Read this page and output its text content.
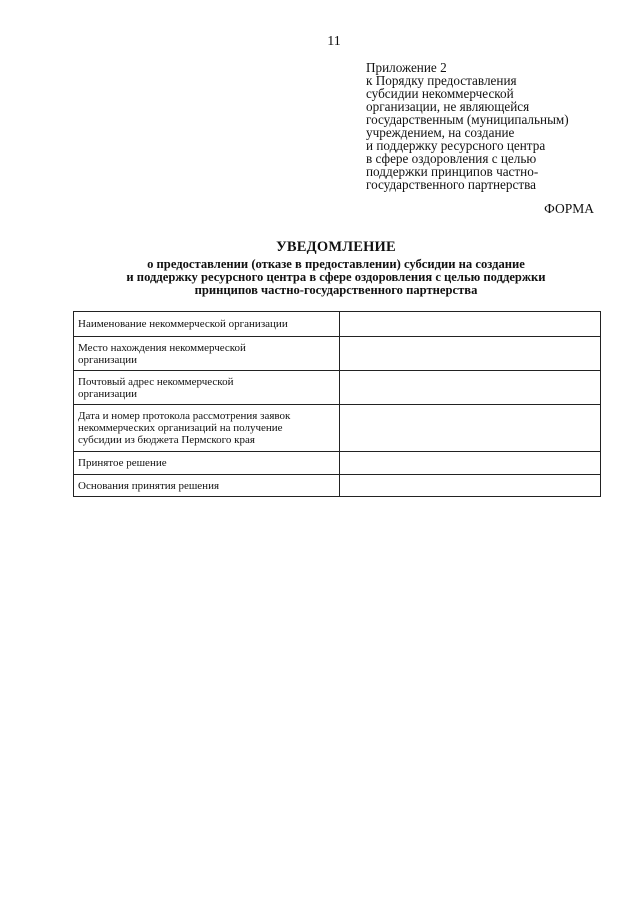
11
Приложение 2
к Порядку предоставления
субсидии некоммерческой
организации, не являющейся
государственным (муниципальным)
учреждением, на создание
и поддержку ресурсного центра
в сфере оздоровления с целью
поддержки принципов частно-
государственного партнерства
ФОРМА
УВЕДОМЛЕНИЕ
о предоставлении (отказе в предоставлении) субсидии на создание
и поддержку ресурсного центра в сфере оздоровления с целью поддержки
принципов частно-государственного партнерства
Наименование некоммерческой организации	

Место нахождения некоммерческой
организации	

Почтовый адрес некоммерческой
организации	

Дата и номер протокола рассмотрения заявок
некоммерческих организаций на получение
субсидии из бюджета Пермского края	

Принятое решение	

Основания принятия решения	
